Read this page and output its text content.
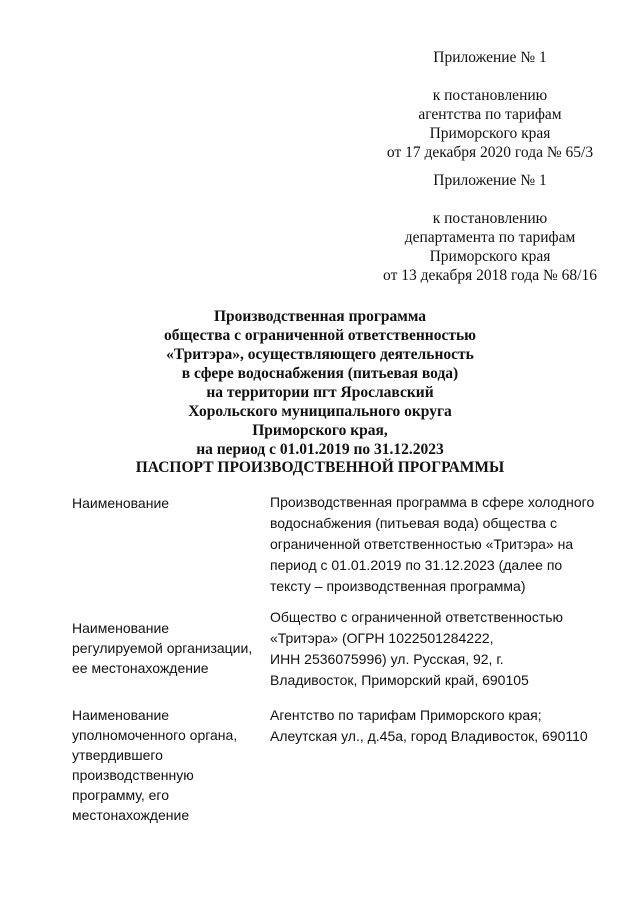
Приложение № 1
к постановлению
агентства по тарифам
Приморского края
от 17 декабря 2020 года № 65/3
Приложение № 1
к постановлению
департамента по тарифам
Приморского края
от 13 декабря 2018 года № 68/16
Производственная программа
общества с ограниченной ответственностью
«Тритэра», осуществляющего деятельность
в сфере водоснабжения (питьевая вода)
на территории пгт Ярославский
Хорольского муниципального округа
Приморского края,
на период с 01.01.2019 по 31.12.2023
ПАСПОРТ ПРОИЗВОДСТВЕННОЙ ПРОГРАММЫ
Наименование	Производственная программа в сфере холодного
водоснабжения (питьевая вода) общества с
ограниченной ответственностью «Тритэра» на
период с 01.01.2019 по 31.12.2023 (далее по
тексту – производственная программа)
Наименование
регулируемой организации,
ее местонахождение
Общество с ограниченной ответственностью
«Тритэра» (ОГРН 1022501284222,
ИНН 2536075996) ул. Русская, 92, г.
Владивосток, Приморский край, 690105
Наименование
уполномоченного органа,
утвердившего
производственную
программу, его
местонахождение
Агентство по тарифам Приморского края;
Алеутская ул., д.45а, город Владивосток, 690110
